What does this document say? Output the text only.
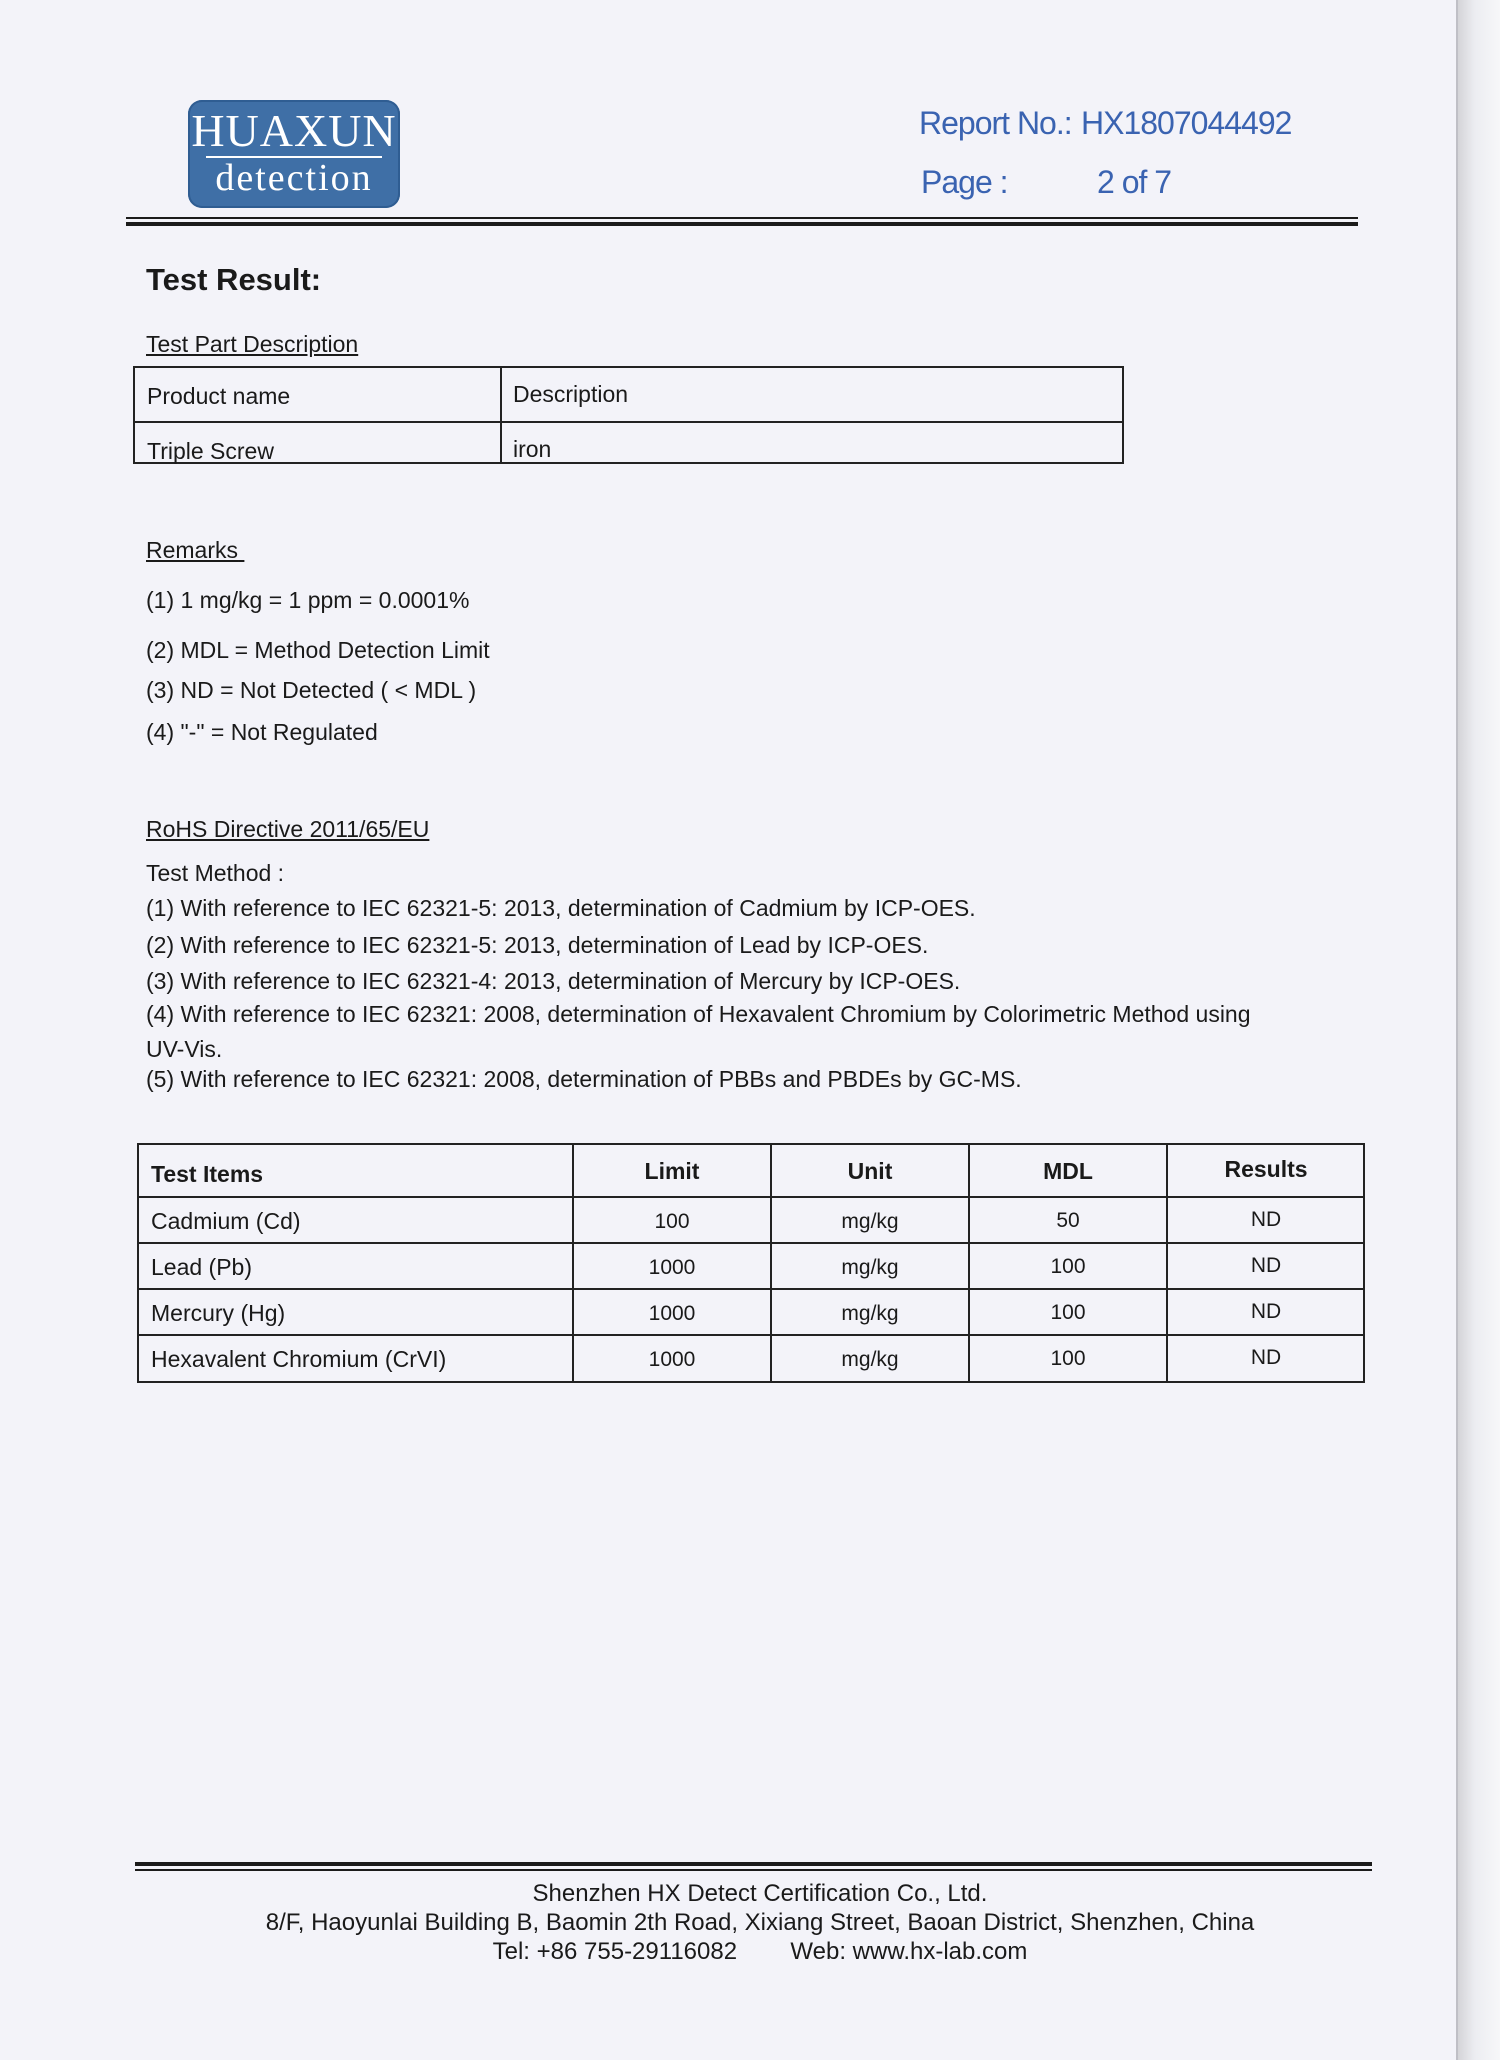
HUAXUN
detection
Report No.: HX1807044492
Page :	2 of 7
Test Result:
Test Part Description
Product name	Description
Triple Screw	iron
Remarks
(1) 1 mg/kg = 1 ppm = 0.0001%
(2) MDL = Method Detection Limit
(3) ND = Not Detected ( < MDL )
(4) "-" = Not Regulated
RoHS Directive 2011/65/EU
Test Method :
(1) With reference to IEC 62321-5: 2013, determination of Cadmium by ICP-OES.
(2) With reference to IEC 62321-5: 2013, determination of Lead by ICP-OES.
(3) With reference to IEC 62321-4: 2013, determination of Mercury by ICP-OES.
(4) With reference to IEC 62321: 2008, determination of Hexavalent Chromium by Colorimetric Method using
UV-Vis.
(5) With reference to IEC 62321: 2008, determination of PBBs and PBDEs by GC-MS.
Test Items	Limit	Unit	MDL	Results
Cadmium (Cd)	100	mg/kg	50	ND
Lead (Pb)	1000	mg/kg	100	ND
Mercury (Hg)	1000	mg/kg	100	ND
Hexavalent Chromium (CrVI)	1000	mg/kg	100	ND
Shenzhen HX Detect Certification Co., Ltd.
8/F, Haoyunlai Building B, Baomin 2th Road, Xixiang Street, Baoan District, Shenzhen, China
Tel: +86 755-29116082        Web: www.hx-lab.com
